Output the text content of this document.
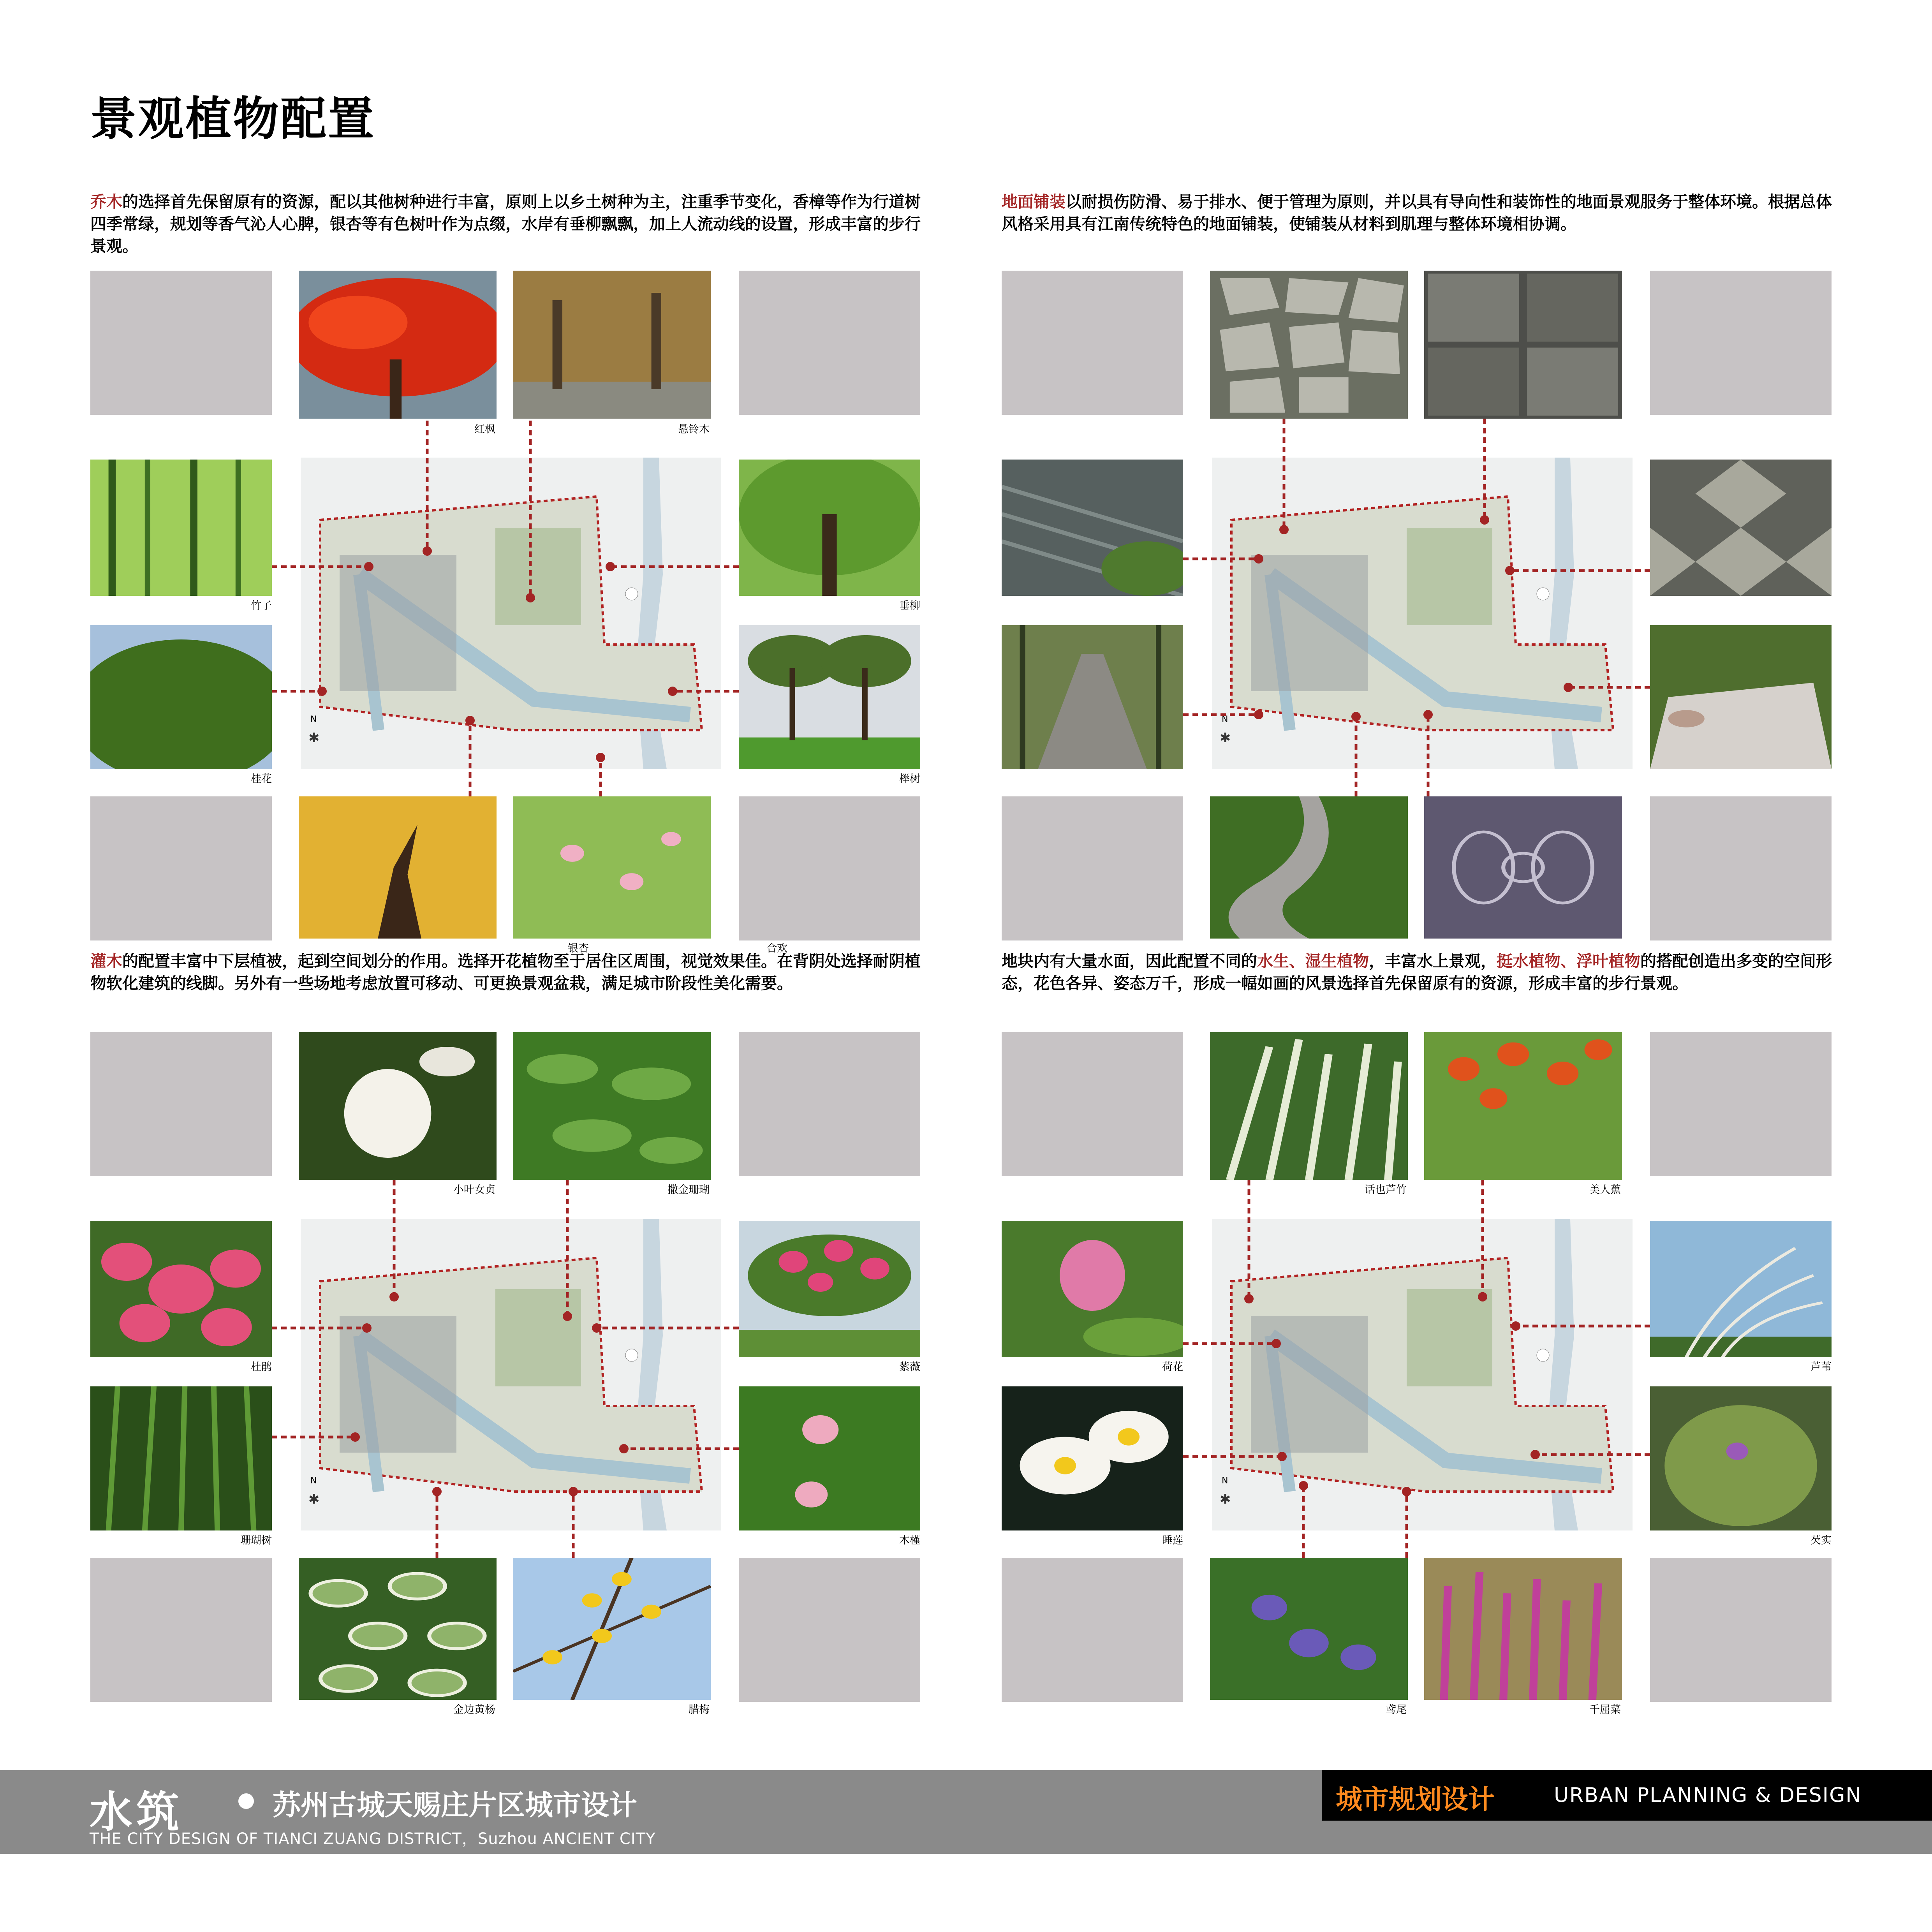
景观植物配置
乔木的选择首先保留原有的资源，配以其他树种进行丰富，原则上以乡土树种为主，注重季节变化，香樟等作为行道树四季常绿，规划等香气沁人心脾，银杏等有色树叶作为点缀，水岸有垂柳飘飘，加上人流动线的设置，形成丰富的步行景观。
✱
N
红枫	悬铃木
竹子	垂柳
桂花	榉树
银杏	合欢
地面铺装以耐损伤防滑、易于排水、便于管理为原则，并以具有导向性和装饰性的地面景观服务于整体环境。根据总体风格采用具有江南传统特色的地面铺装，使铺装从材料到肌理与整体环境相协调。
✱
N
灌木的配置丰富中下层植被，起到空间划分的作用。选择开花植物至于居住区周围，视觉效果佳。在背阴处选择耐阴植物软化建筑的线脚。另外有一些场地考虑放置可移动、可更换景观盆栽，满足城市阶段性美化需要。
✱
N
小叶女贞	撒金珊瑚
杜鹃	紫薇
珊瑚树	木槿
金边黄杨	腊梅
地块内有大量水面，因此配置不同的水生、湿生植物，丰富水上景观，挺水植物、浮叶植物的搭配创造出多变的空间形态，花色各异、姿态万千，形成一幅如画的风景选择首先保留原有的资源，形成丰富的步行景观。
✱
N
话也芦竹	美人蕉
荷花	芦苇
睡莲	芡实
鸢尾	千屈菜
水筑	苏州古城天赐庄片区城市设计
THE CITY DESIGN OF TIANCI ZUANG DISTRICT，Suzhou ANCIENT CITY
城市规划设计	URBAN PLANNING & DESIGN
